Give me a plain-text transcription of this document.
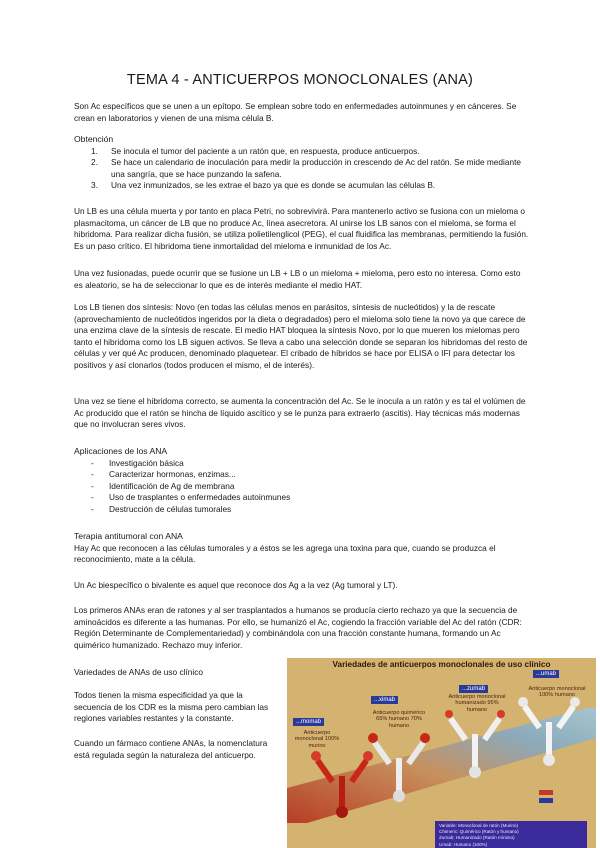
TEMA 4 - ANTICUERPOS MONOCLONALES (ANA)

Son Ac específicos que se unen a un epítopo. Se emplean sobre todo en enfermedades autoinmunes y en cánceres. Se crean en laboratorios y vienen de una misma célula B.

Obtención
1. Se inocula el tumor del paciente a un ratón que, en respuesta, produce anticuerpos.
2. Se hace un calendario de inoculación para medir la producción in crescendo de Ac del ratón. Se mide mediante una sangría, que se hace punzando la safena.
3. Una vez inmunizados, se les extrae el bazo ya que es donde se acumulan las células B.

Un LB es una célula muerta y por tanto en placa Petri, no sobrevivirá. Para mantenerlo activo se fusiona con un mieloma o plasmacitoma, un cáncer de LB que no produce Ac, línea asecretora. Al unirse los LB sanos con el mieloma, se forma el hibridoma. Para realizar dicha fusión, se utiliza polietilenglicol (PEG), el cual fluidifica las membranas, permitiendo la fusión. Es un paso crítico. El hibridoma tiene inmortalidad del mieloma e inmunidad de los Ac.

Una vez fusionadas, puede ocurrir que se fusione un LB + LB o un mieloma + mieloma, pero esto no interesa. Como esto es aleatorio, se ha de seleccionar lo que es de interés mediante el medio HAT.

Los LB tienen dos síntesis: Novo (en todas las células menos en parásitos, síntesis de nucleótidos) y la de rescate (aprovechamiento de nucleótidos ingeridos por la dieta o degradados) pero el mieloma solo tiene la novo ya que carece de una enzima clave de la síntesis de rescate. El medio HAT bloquea la síntesis Novo, por lo que mueren los mielomas pero tanto el hibridoma como los LB siguen activos. Se lleva a cabo una selección donde se separan los hibridomas del resto de células y ver qué Ac producen, denominado plaquetear. El cribado de híbridos se hace por ELISA o IFI para detectar los positivos y así clonarlos (todos producen el mismo, el de interés).

Una vez se tiene el hibridoma correcto, se aumenta la concentración del Ac. Se le inocula a un ratón y es tal el volúmen de Ac producido que el ratón se hincha de líquido ascítico y se le punza para extraerlo (ascitis). Hay técnicas más modernas que no involucran seres vivos.

Aplicaciones de los ANA
- Investigación básica
- Caracterizar hormonas, enzimas...
- Identificación de Ag de membrana
- Uso de trasplantes o enfermedades autoinmunes
- Destrucción de células tumorales
Terapia antitumoral con ANA
Hay Ac que reconocen a las células tumorales y a éstos se les agrega una toxina para que, cuando se produzca el reconocimiento, mate a la célula.

Un Ac biespecífico o bivalente es aquel que reconoce dos Ag a la vez (Ag tumoral y LT).

Los primeros ANAs eran de ratones y al ser trasplantados a humanos se producía cierto rechazo ya que la secuencia de aminoácidos es diferente a las humanas. Por ello, se humanizó el Ac, cogiendo la fracción variable del Ac del ratón (CDR: Región Determinante de Complementariedad) y combinándola con una fracción constante humana, formando un Ac quimérico humanizado. Rechazo muy inferior.

Variedades de ANAs de uso clínico

Todos tienen la misma especificidad ya que la secuencia de los CDR es la misma pero cambian las regiones variables restantes y la constante.

Cuando un fármaco contiene ANAs, la nomenclatura está regulada según la naturaleza del anticuerpo.

Variedades de anticuerpos monoclonales de uso clínico
...momab
...ximab
...zumab
...umab
Anticuerpo monoclonal 100% murino
Anticuerpo quimérico 65% humano 70% humano
Anticuerpo monoclonal humanizado 95% humano
Anticuerpo monoclonal 100% humano
Variable: Monoclonal de ratón (Murino)
Chimeric: Quimérico (Ratón y humano)
Zumab: Humanizado (Ratón mínimo)
Umab: Humano (100%)
